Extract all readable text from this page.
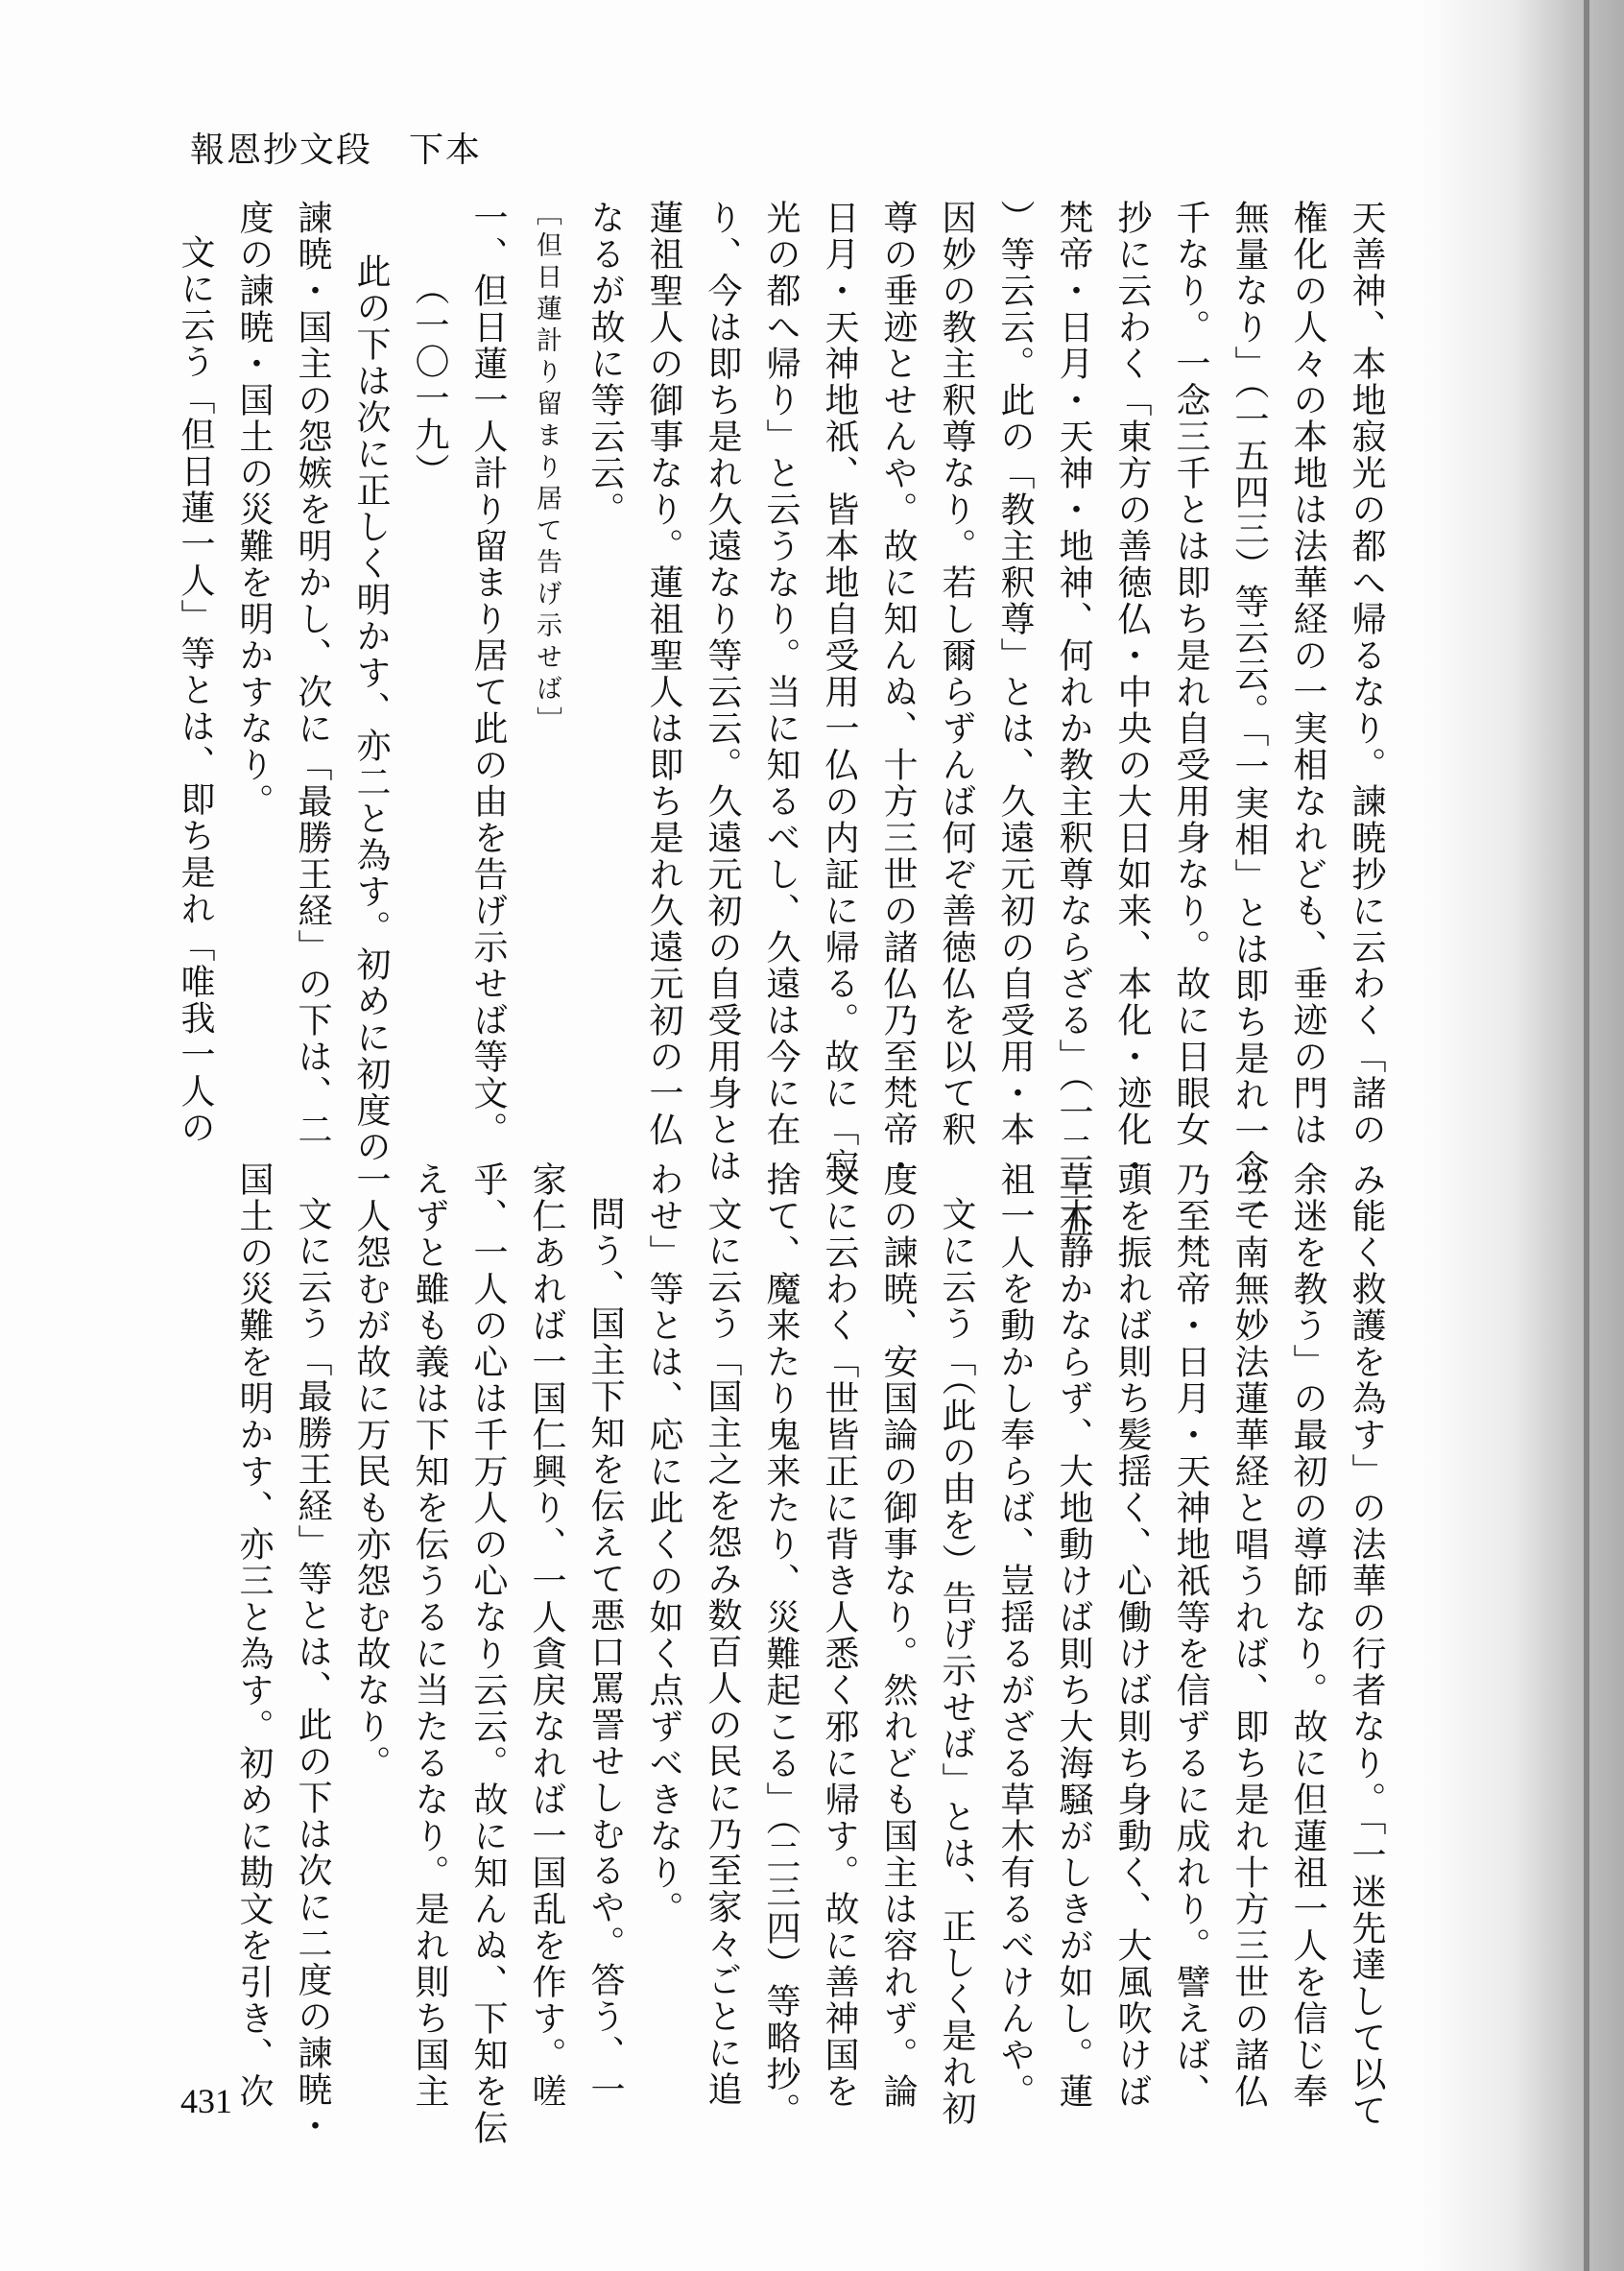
報恩抄文段　下本

天善神、本地寂光の都へ帰るなり。諫暁抄に云わく「諸の

権化の人々の本地は法華経の一実相なれども、垂迹の門は

無量なり」（一五四三）等云云。「一実相」とは即ち是れ一念三

千なり。一念三千とは即ち是れ自受用身なり。故に日眼女

抄に云わく「東方の善徳仏・中央の大日如来、本化・迹化・

梵帝・日月・天神・地神、何れか教主釈尊ならざる」（一二三五

）等云云。此の「教主釈尊」とは、久遠元初の自受用・本

因妙の教主釈尊なり。若し爾らずんば何ぞ善徳仏を以て釈

尊の垂迹とせんや。故に知んぬ、十方三世の諸仏乃至梵帝・

日月・天神地祇、皆本地自受用一仏の内証に帰る。故に「寂

光の都へ帰り」と云うなり。当に知るべし、久遠は今に在

り、今は即ち是れ久遠なり等云云。久遠元初の自受用身とは

蓮祖聖人の御事なり。蓮祖聖人は即ち是れ久遠元初の一仏

なるが故に等云云。

［但日蓮計り留まり居て告げ示せば］

一、但日蓮一人計り留まり居て此の由を告げ示せば等文。

（一〇一九）

此の下は次に正しく明かす、亦二と為す。初めに初度の

諫暁・国主の怨嫉を明かし、次に「最勝王経」の下は、二

度の諫暁・国土の災難を明かすなり。

文に云う「但日蓮一人」等とは、即ち是れ「唯我一人の

み能く救護を為す」の法華の行者なり。「一迷先達して以て

余迷を教う」の最初の導師なり。故に但蓮祖一人を信じ奉

りて南無妙法蓮華経と唱うれば、即ち是れ十方三世の諸仏

乃至梵帝・日月・天神地祇等を信ずるに成れり。譬えば、

頭を振れば則ち髪揺く、心働けば則ち身動く、大風吹けば

草木静かならず、大地動けば則ち大海騒がしきが如し。蓮

祖一人を動かし奉らば、豈揺るがざる草木有るべけんや。

文に云う「（此の由を）告げ示せば」とは、正しく是れ初

度の諫暁、安国論の御事なり。然れども国主は容れず。論

文に云わく「世皆正に背き人悉く邪に帰す。故に善神国を

捨て、魔来たり鬼来たり、災難起こる」（二三四）等略抄。

文に云う「国主之を怨み数百人の民に乃至家々ごとに追

わせ」等とは、応に此くの如く点ずべきなり。

問う、国主下知を伝えて悪口罵詈せしむるや。答う、一

家仁あれば一国仁興り、一人貪戻なれば一国乱を作す。嗟

乎、一人の心は千万人の心なり云云。故に知んぬ、下知を伝

えずと雖も義は下知を伝うるに当たるなり。是れ則ち国主

一人怨むが故に万民も亦怨む故なり。

文に云う「最勝王経」等とは、此の下は次に二度の諫暁・

国土の災難を明かす、亦三と為す。初めに勘文を引き、次

431
